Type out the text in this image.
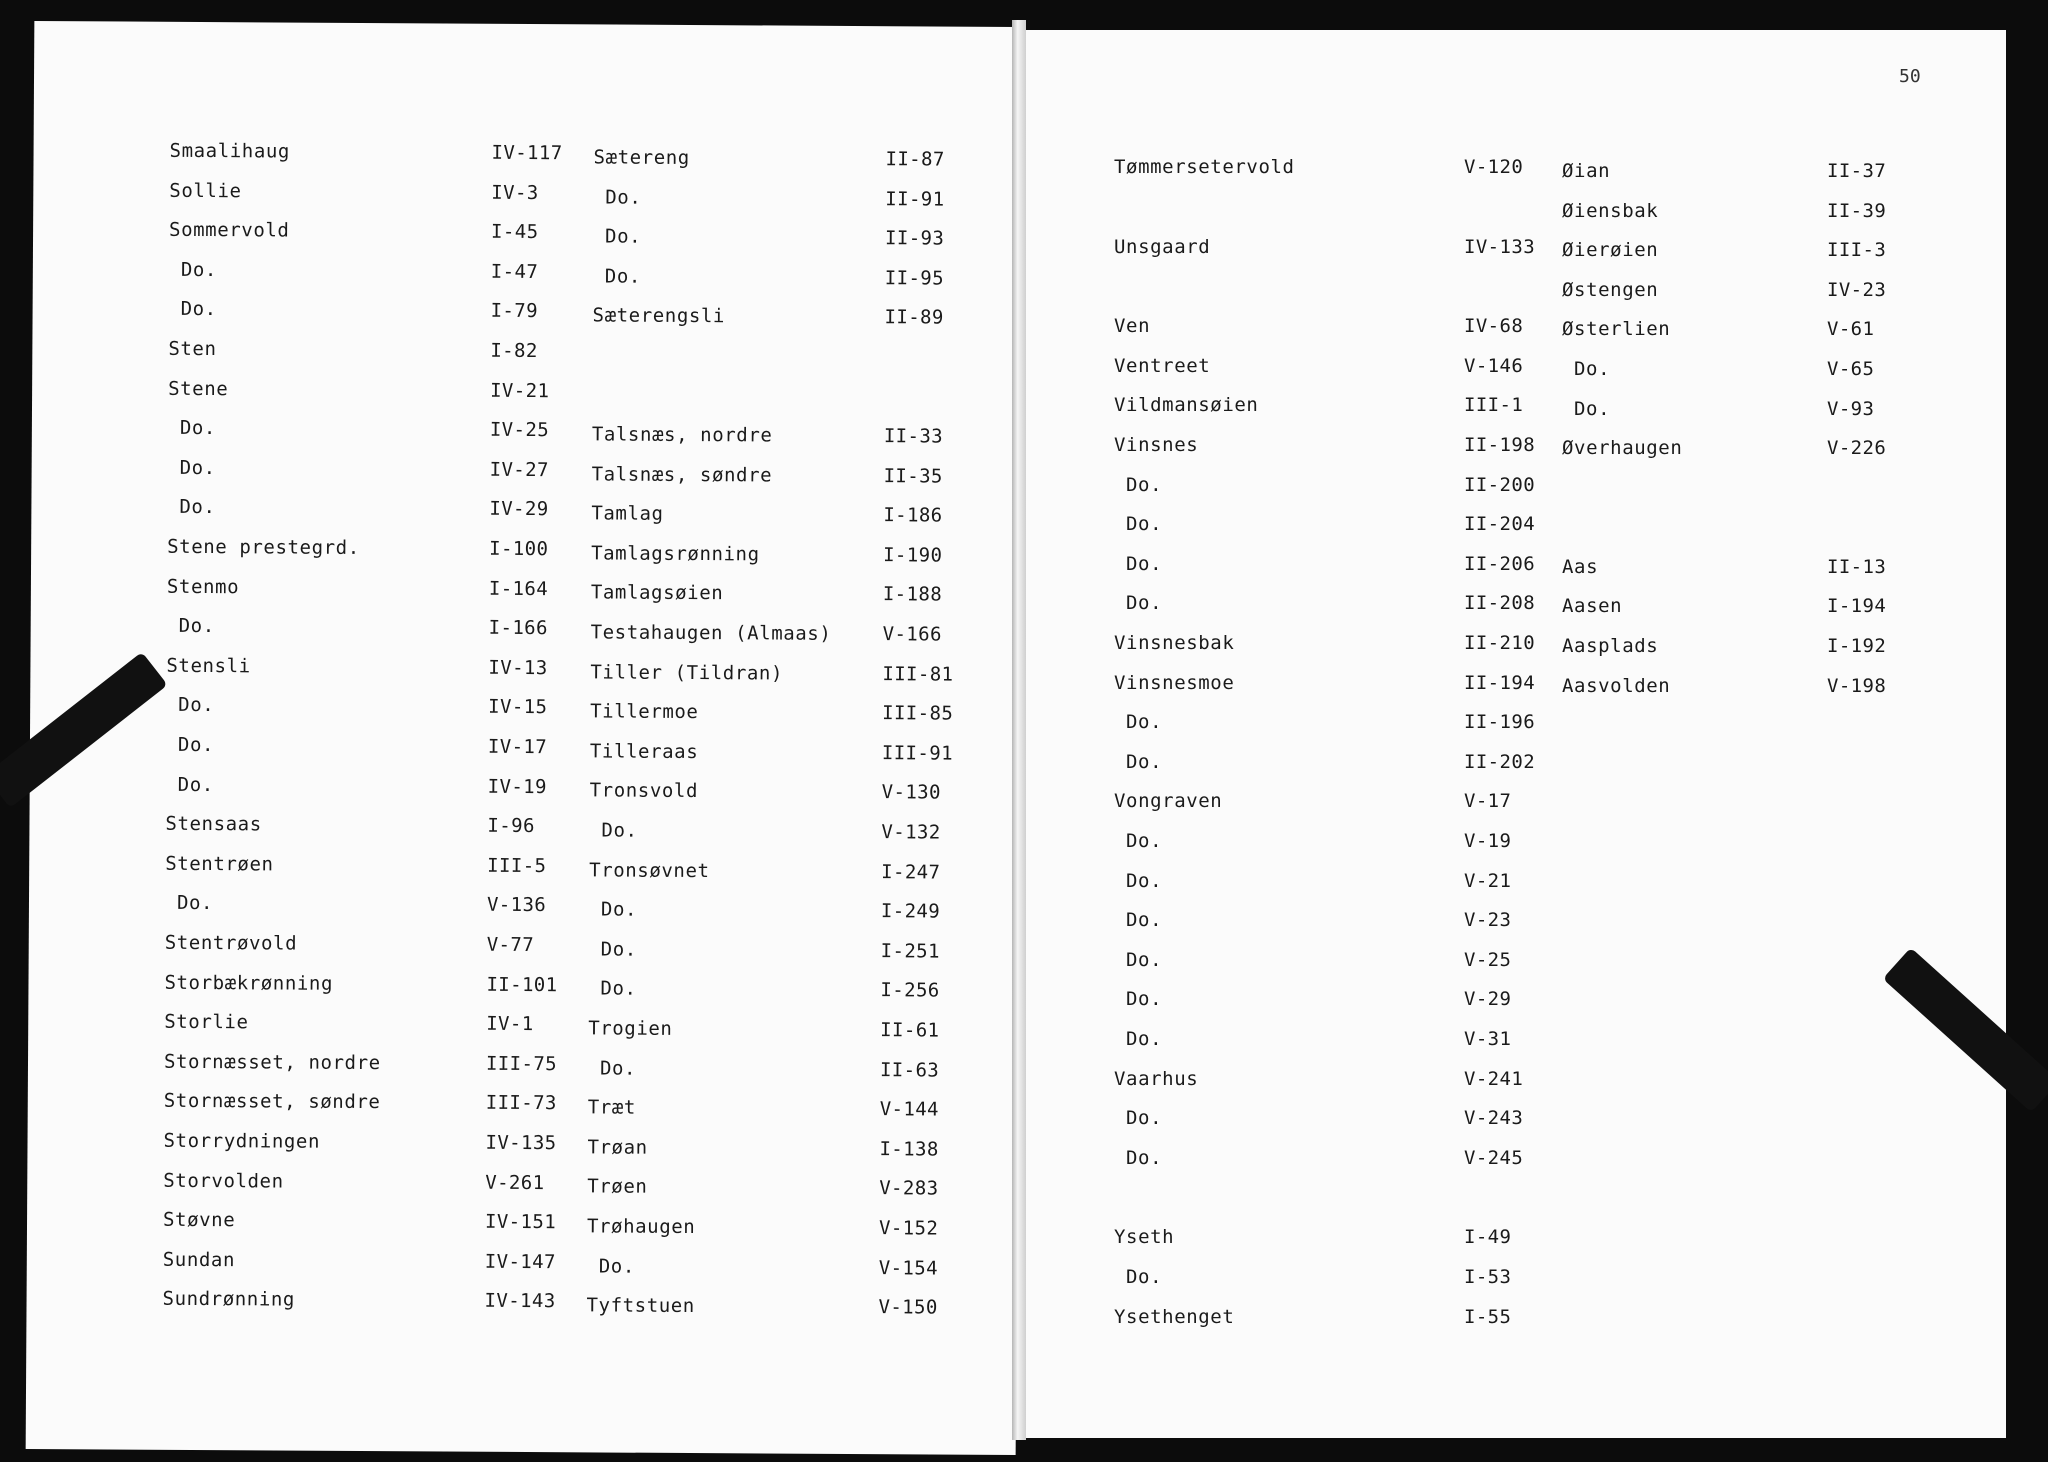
Smaalihaug	IV-117
Sollie	IV-3
Sommervold	I-45
Do.	I-47
Do.	I-79
Sten	I-82
Stene	IV-21
Do.	IV-25
Do.	IV-27
Do.	IV-29
Stene prestegrd.	I-100
Stenmo	I-164
Do.	I-166
Stensli	IV-13
Do.	IV-15
Do.	IV-17
Do.	IV-19
Stensaas	I-96
Stentrøen	III-5
Do.	V-136
Stentrøvold	V-77
Storbækrønning	II-101
Storlie	IV-1
Stornæsset, nordre	III-75
Stornæsset, søndre	III-73
Storrydningen	IV-135
Storvolden	V-261
Støvne	IV-151
Sundan	IV-147
Sundrønning	IV-143
Sætereng	II-87
Do.	II-91
Do.	II-93
Do.	II-95
Sæterengsli	II-89
Talsnæs, nordre	II-33
Talsnæs, søndre	II-35
Tamlag	I-186
Tamlagsrønning	I-190
Tamlagsøien	I-188
Testahaugen (Almaas)	V-166
Tiller (Tildran)	III-81
Tillermoe	III-85
Tilleraas	III-91
Tronsvold	V-130
Do.	V-132
Tronsøvnet	I-247
Do.	I-249
Do.	I-251
Do.	I-256
Trogien	II-61
Do.	II-63
Træt	V-144
Trøan	I-138
Trøen	V-283
Trøhaugen	V-152
Do.	V-154
Tyftstuen	V-150
50
Tømmersetervold	V-120
Unsgaard	IV-133
Ven	IV-68
Ventreet	V-146
Vildmansøien	III-1
Vinsnes	II-198
Do.	II-200
Do.	II-204
Do.	II-206
Do.	II-208
Vinsnesbak	II-210
Vinsnesmoe	II-194
Do.	II-196
Do.	II-202
Vongraven	V-17
Do.	V-19
Do.	V-21
Do.	V-23
Do.	V-25
Do.	V-29
Do.	V-31
Vaarhus	V-241
Do.	V-243
Do.	V-245
Yseth	I-49
Do.	I-53
Ysethenget	I-55
Øian	II-37
Øiensbak	II-39
Øierøien	III-3
Østengen	IV-23
Østerlien	V-61
Do.	V-65
Do.	V-93
Øverhaugen	V-226
Aas	II-13
Aasen	I-194
Aasplads	I-192
Aasvolden	V-198
